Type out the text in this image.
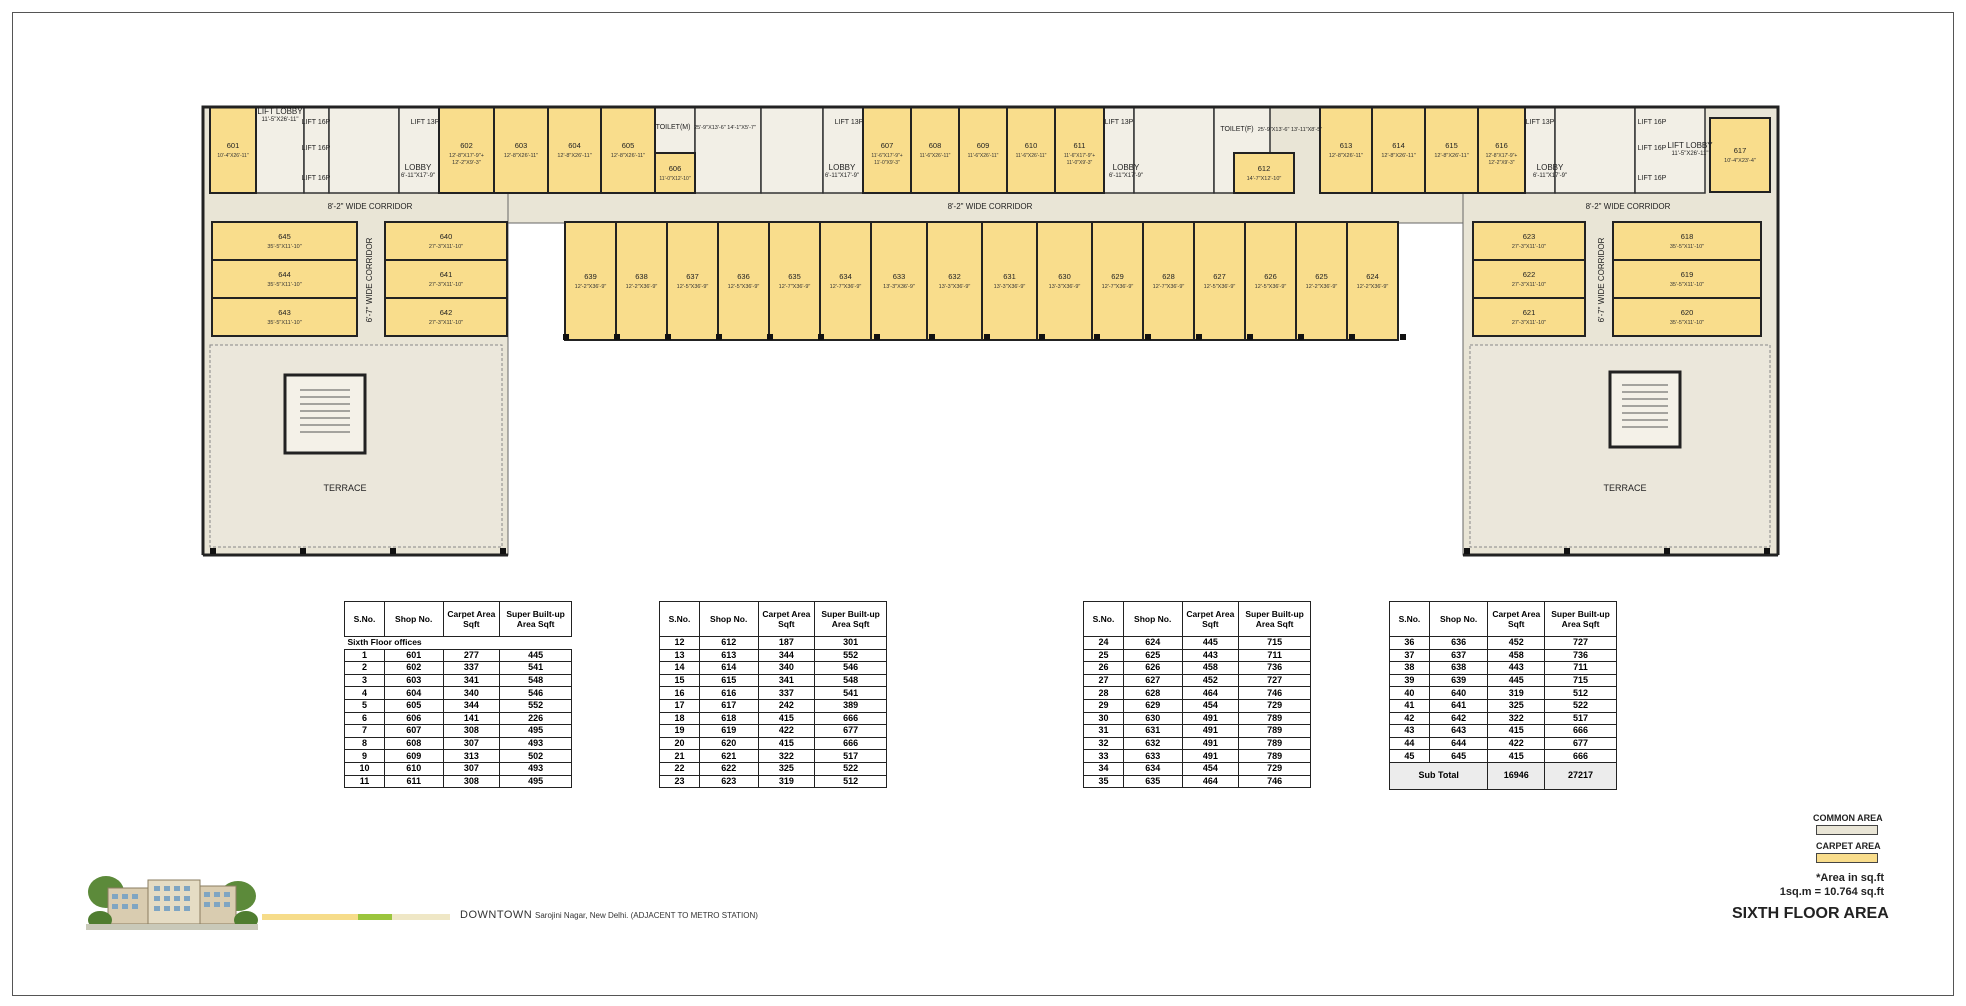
601
10'-4"X26'-11"
602
12'-8"X17'-9"+
12'-2"X9'-3"
603
12'-8"X26'-11"
604
12'-8"X26'-11"
605
12'-8"X26'-11"
606
11'-0"X12'-10"
607
11'-6"X17'-9"+
11'-0"X9'-3"
608
11'-6"X26'-11"
609
11'-6"X26'-11"
610
11'-6"X26'-11"
611
11'-6"X17'-9"+
11'-0"X9'-3"
612
14'-7"X12'-10"
613
12'-8"X26'-11"
614
12'-8"X26'-11"
615
12'-8"X26'-11"
616
12'-8"X17'-9"+
12'-2"X9'-3"
617
10'-4"X23'-4"
639
12'-2"X36'-9"
638
12'-2"X36'-9"
637
12'-5"X36'-9"
636
12'-5"X36'-9"
635
12'-7"X36'-9"
634
12'-7"X36'-9"
633
13'-3"X36'-9"
632
13'-3"X36'-9"
631
13'-3"X36'-9"
630
13'-3"X36'-9"
629
12'-7"X36'-9"
628
12'-7"X36'-9"
627
12'-5"X36'-9"
626
12'-5"X36'-9"
625
12'-2"X36'-9"
624
12'-2"X36'-9"
645
35'-5"X11'-10"
644
35'-5"X11'-10"
643
35'-5"X11'-10"
640
27'-3"X11'-10"
641
27'-3"X11'-10"
642
27'-3"X11'-10"
623
27'-3"X11'-10"
622
27'-3"X11'-10"
621
27'-3"X11'-10"
618
35'-5"X11'-10"
619
35'-5"X11'-10"
620
35'-5"X11'-10"
8'-2" WIDE CORRIDOR	8'-2" WIDE CORRIDOR	8'-2" WIDE CORRIDOR
6'-7" WIDE CORRIDOR	6'-7" WIDE CORRIDOR
TERRACE	TERRACE
LIFT LOBBY
11'-5"X26'-11"
LIFT LOBBY
11'-5"X26'-11"
LIFT 16P
LIFT 16P
LIFT 16P
LIFT 13P	LIFT 13P	LIFT 13P	LIFT 13P	LIFT 16P
LIFT 16P
LIFT 16P
LOBBY
6'-11"X17'-9"
LOBBY
6'-11"X17'-9"
LOBBY
6'-11"X17'-9"
LOBBY
6'-11"X17'-9"
TOILET(M) 25'-9"X13'-6" 14'-1"X5'-7"	TOILET(F) 25'-9"X13'-6" 13'-11"X8'-5"
S.No.	Shop No.	Carpet Area Sqft	Super Built-up Area Sqft
Sixth Floor offices			
1	601	277	445
2	602	337	541
3	603	341	548
4	604	340	546
5	605	344	552
6	606	141	226
7	607	308	495
8	608	307	493
9	609	313	502
10	610	307	493
11	611	308	495
S.No.	Shop No.	Carpet Area Sqft	Super Built-up Area Sqft
12	612	187	301
13	613	344	552
14	614	340	546
15	615	341	548
16	616	337	541
17	617	242	389
18	618	415	666
19	619	422	677
20	620	415	666
21	621	322	517
22	622	325	522
23	623	319	512
S.No.	Shop No.	Carpet Area Sqft	Super Built-up Area Sqft
24	624	445	715
25	625	443	711
26	626	458	736
27	627	452	727
28	628	464	746
29	629	454	729
30	630	491	789
31	631	491	789
32	632	491	789
33	633	491	789
34	634	454	729
35	635	464	746
S.No.	Shop No.	Carpet Area Sqft	Super Built-up Area Sqft
36	636	452	727
37	637	458	736
38	638	443	711
39	639	445	715
40	640	319	512
41	641	325	522
42	642	322	517
43	643	415	666
44	644	422	677
45	645	415	666
Sub Total		16946	27217
COMMON AREA
CARPET AREA
*Area in sq.ft
1sq.m = 10.764 sq.ft
SIXTH FLOOR AREA
DOWNTOWN Sarojini Nagar, New Delhi. (ADJACENT TO METRO STATION)
